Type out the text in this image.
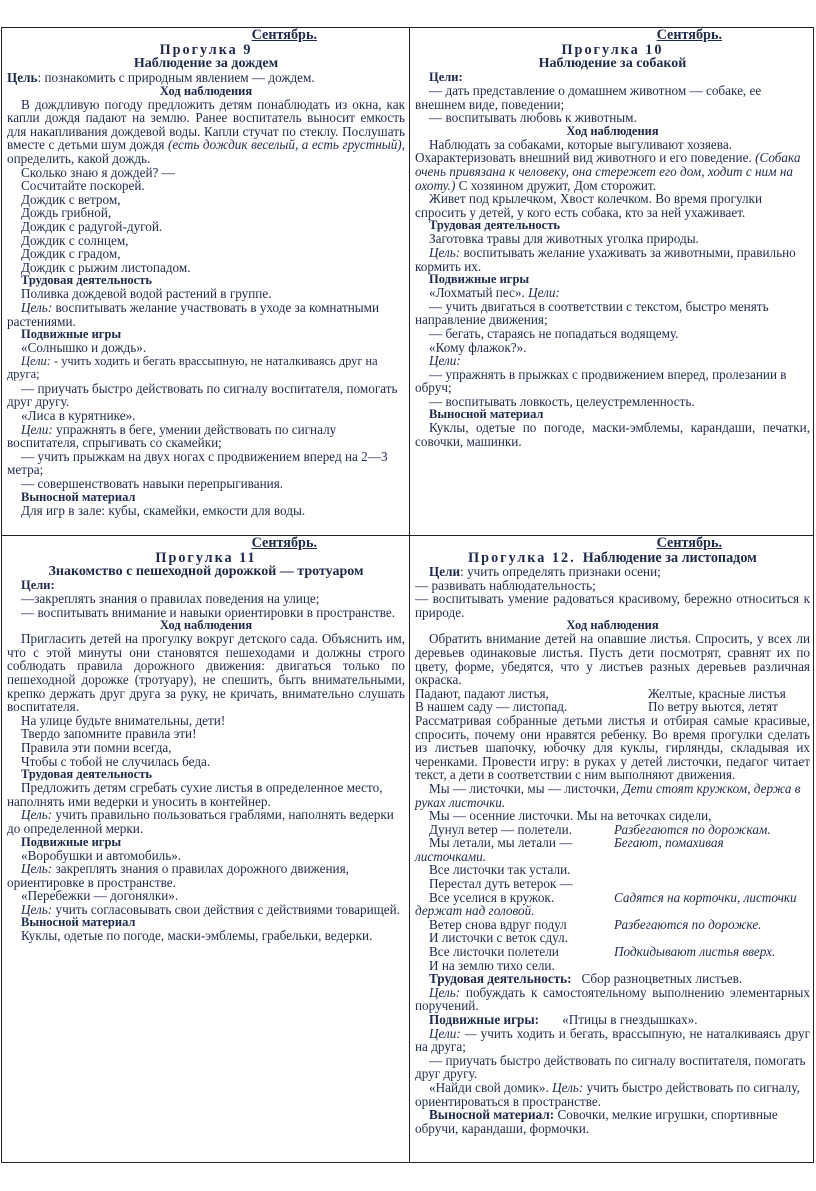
Сентябрь.
Прогулка 9
Наблюдение за дождем

Цель: познакомить с природным явлением — дождем.

Ход наблюдения

В дождливую погоду предложить детям понаблюдать из окна, как капли дождя падают на землю. Ранее воспитатель выносит емкость для накапливания дождевой воды. Капли стучат по стеклу. Послушать вместе с детьми шум дождя (есть дождик веселый, а есть грустный), определить, какой дождь.

Сколько знаю я дождей? —

Сосчитайте поскорей.

Дождик с ветром,

Дождь грибной,

Дождик с радугой-дугой.

Дождик с солнцем,

Дождик с градом,

Дождик с рыжим листопадом.

Трудовая деятельность

Поливка дождевой водой растений в группе.

Цель: воспитывать желание участвовать в уходе за комнатными растениями.

Подвижные игры

«Солнышко и дождь».

Цели: - учить ходить и бегать врассыпную, не наталкиваясь друг на друга;

— приучать быстро действовать по сигналу воспитателя, помогать друг другу.

«Лиса в курятнике».

Цели: упражнять в беге, умении действовать по сигналу воспитателя, спрыгивать со скамейки;

— учить прыжкам на двух ногах с продвижением вперед на 2—3 метра;

— совершенствовать навыки перепрыгивания.

Выносной материал

Для игр в зале: кубы, скамейки, емкости для воды.

Сентябрь.
Прогулка 10
Наблюдение за собакой
Цели:

— дать представление о домашнем животном — собаке, ее внешнем виде, поведении;

— воспитывать любовь к животным.

Ход наблюдения

Наблюдать за собаками, которые выгуливают хозяева. Охарактеризовать внешний вид животного и его поведение. (Собака очень привязана к человеку, она стережет его дом, ходит с ним на охоту.) С хозяином дружит, Дом сторожит.

Живет под крылечком, Хвост колечком. Во время прогулки спросить у детей, у кого есть собака, кто за ней ухаживает.

Трудовая деятельность

Заготовка травы для животных уголка природы.

Цель: воспитывать желание ухаживать за животными, правильно кормить их.

Подвижные игры

«Лохматый пес». Цели:

— учить двигаться в соответствии с текстом, быстро менять направление движения;

— бегать, стараясь не попадаться водящему.

«Кому флажок?».

Цели:

— упражнять в прыжках с продвижением вперед, пролезании в обруч;

— воспитывать ловкость, целеустремленность.

Выносной материал

Куклы, одетые по погоде, маски-эмблемы, карандаши, печатки, совочки, машинки.

Сентябрь.
Прогулка 11
Знакомство с пешеходной дорожкой — тротуаром
Цели:

—закреплять знания о правилах поведения на улице;

— воспитывать внимание и навыки ориентировки в пространстве.

Ход наблюдения

Пригласить детей на прогулку вокруг детского сада. Объяснить им, что с этой минуты они становятся пешеходами и должны строго соблюдать правила дорожного движения: двигаться только по пешеходной дорожке (тротуару), не спешить, быть внимательными, крепко держать друг друга за руку, не кричать, внимательно слушать воспитателя.

На улице будьте внимательны, дети!

Твердо запомните правила эти!

Правила эти помни всегда,

Чтобы с тобой не случилась беда.

Трудовая деятельность

Предложить детям сгребать сухие листья в определенное место, наполнять ими ведерки и уносить в контейнер.

Цель: учить правильно пользоваться граблями, наполнять ведерки до определенной мерки.

Подвижные игры

«Воробушки и автомобиль».

Цель: закреплять знания о правилах дорожного движения, ориентировке в пространстве.

«Перебежки — догонялки».

Цель: учить согласовывать свои действия с действиями товарищей.

Выносной материал

Куклы, одетые по погоде, маски-эмблемы, грабельки, ведерки.

Сентябрь.
Прогулка 12. Наблюдение за листопадом

Цели: учить определять признаки осени;

— развивать наблюдательность;

— воспитывать умение радоваться красивому, бережно относиться к природе.

Ход наблюдения

Обратить внимание детей на опавшие листья. Спросить, у всех ли деревьев одинаковые листья. Пусть дети посмотрят, сравнят их по цвету, форме, убедятся, что у листьев разных деревьев различная окраска.

Падают, падают листья,	Желтые, красные листья
В нашем саду — листопад.	По ветру вьются, летят

Рассматривая собранные детьми листья и отбирая самые красивые, спросить, почему они нравятся ребенку. Во время прогулки сделать из листьев шапочку, юбочку для куклы, гирлянды, складывая их черенками. Провести игру: в руках у детей листочки, педагог читает текст, а дети в соответствии с ним выполняют движения.

Мы — листочки, мы — листочки, Дети стоят кружком, держа в руках листочки.

Мы — осенние листочки. Мы на веточках сидели,

Дунул ветер — полетели.	Разбегаются по дорожкам.
Мы летали, мы летали —	Бегают, помахивая

листочками.

Все листочки так устали.

Перестал дуть ветерок —

Все уселися в кружок.	Садятся на корточки, листочки

держат над головой.

Ветер снова вдруг подул	Разбегаются по дорожке.

И листочки с веток сдул.

Все листочки полетели	Подкидывают листья вверх.

И на землю тихо сели.

Трудовая деятельность: Сбор разноцветных листьев.

Цель: побуждать к самостоятельному выполнению элементарных поручений.

Подвижные игры: «Птицы в гнездышках».

Цели: — учить ходить и бегать, врассыпную, не наталкиваясь друг на друга;

— приучать быстро действовать по сигналу воспитателя, помогать друг другу.

«Найди свой домик». Цель: учить быстро действовать по сигналу, ориентироваться в пространстве.

Выносной материал: Совочки, мелкие игрушки, спортивные обручи, карандаши, формочки.
